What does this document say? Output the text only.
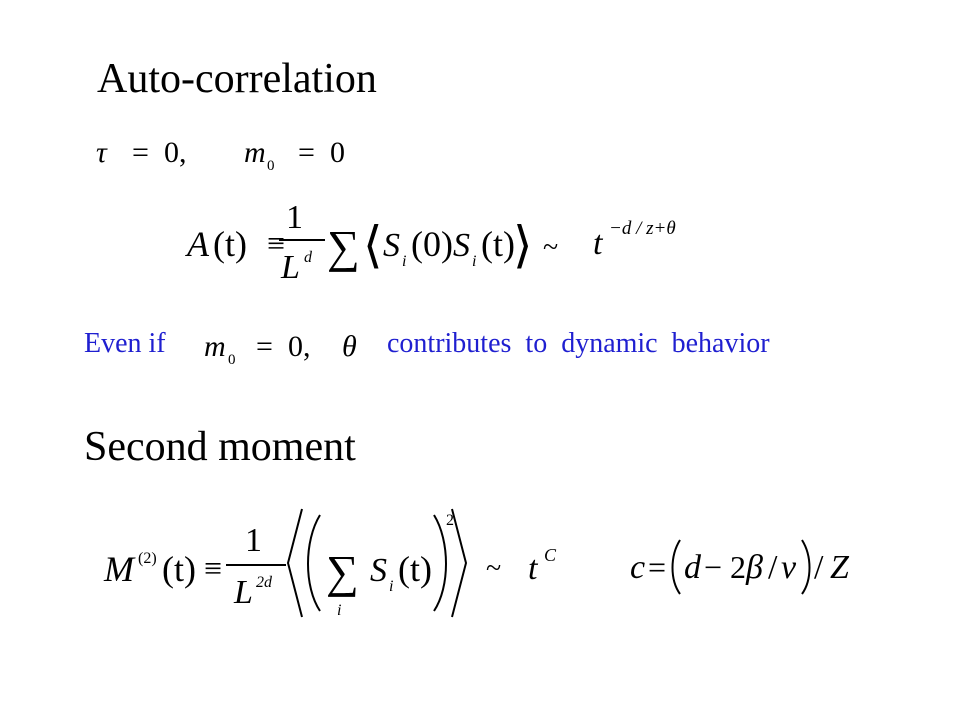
Auto-correlation
τ = 0, m 0 = 0
A (t) ≡
1
L d ∑ ⟨ S i (0) S i (t)
⟩ ~ t −d / z+θ
Even if m 0 = 0, θ contributes  to  dynamic  behavior
Second moment
M (2) (t) ≡
1
L 2d ∑
i
S i (t)
2
~ t C c = d − 2 β / ν / Z
